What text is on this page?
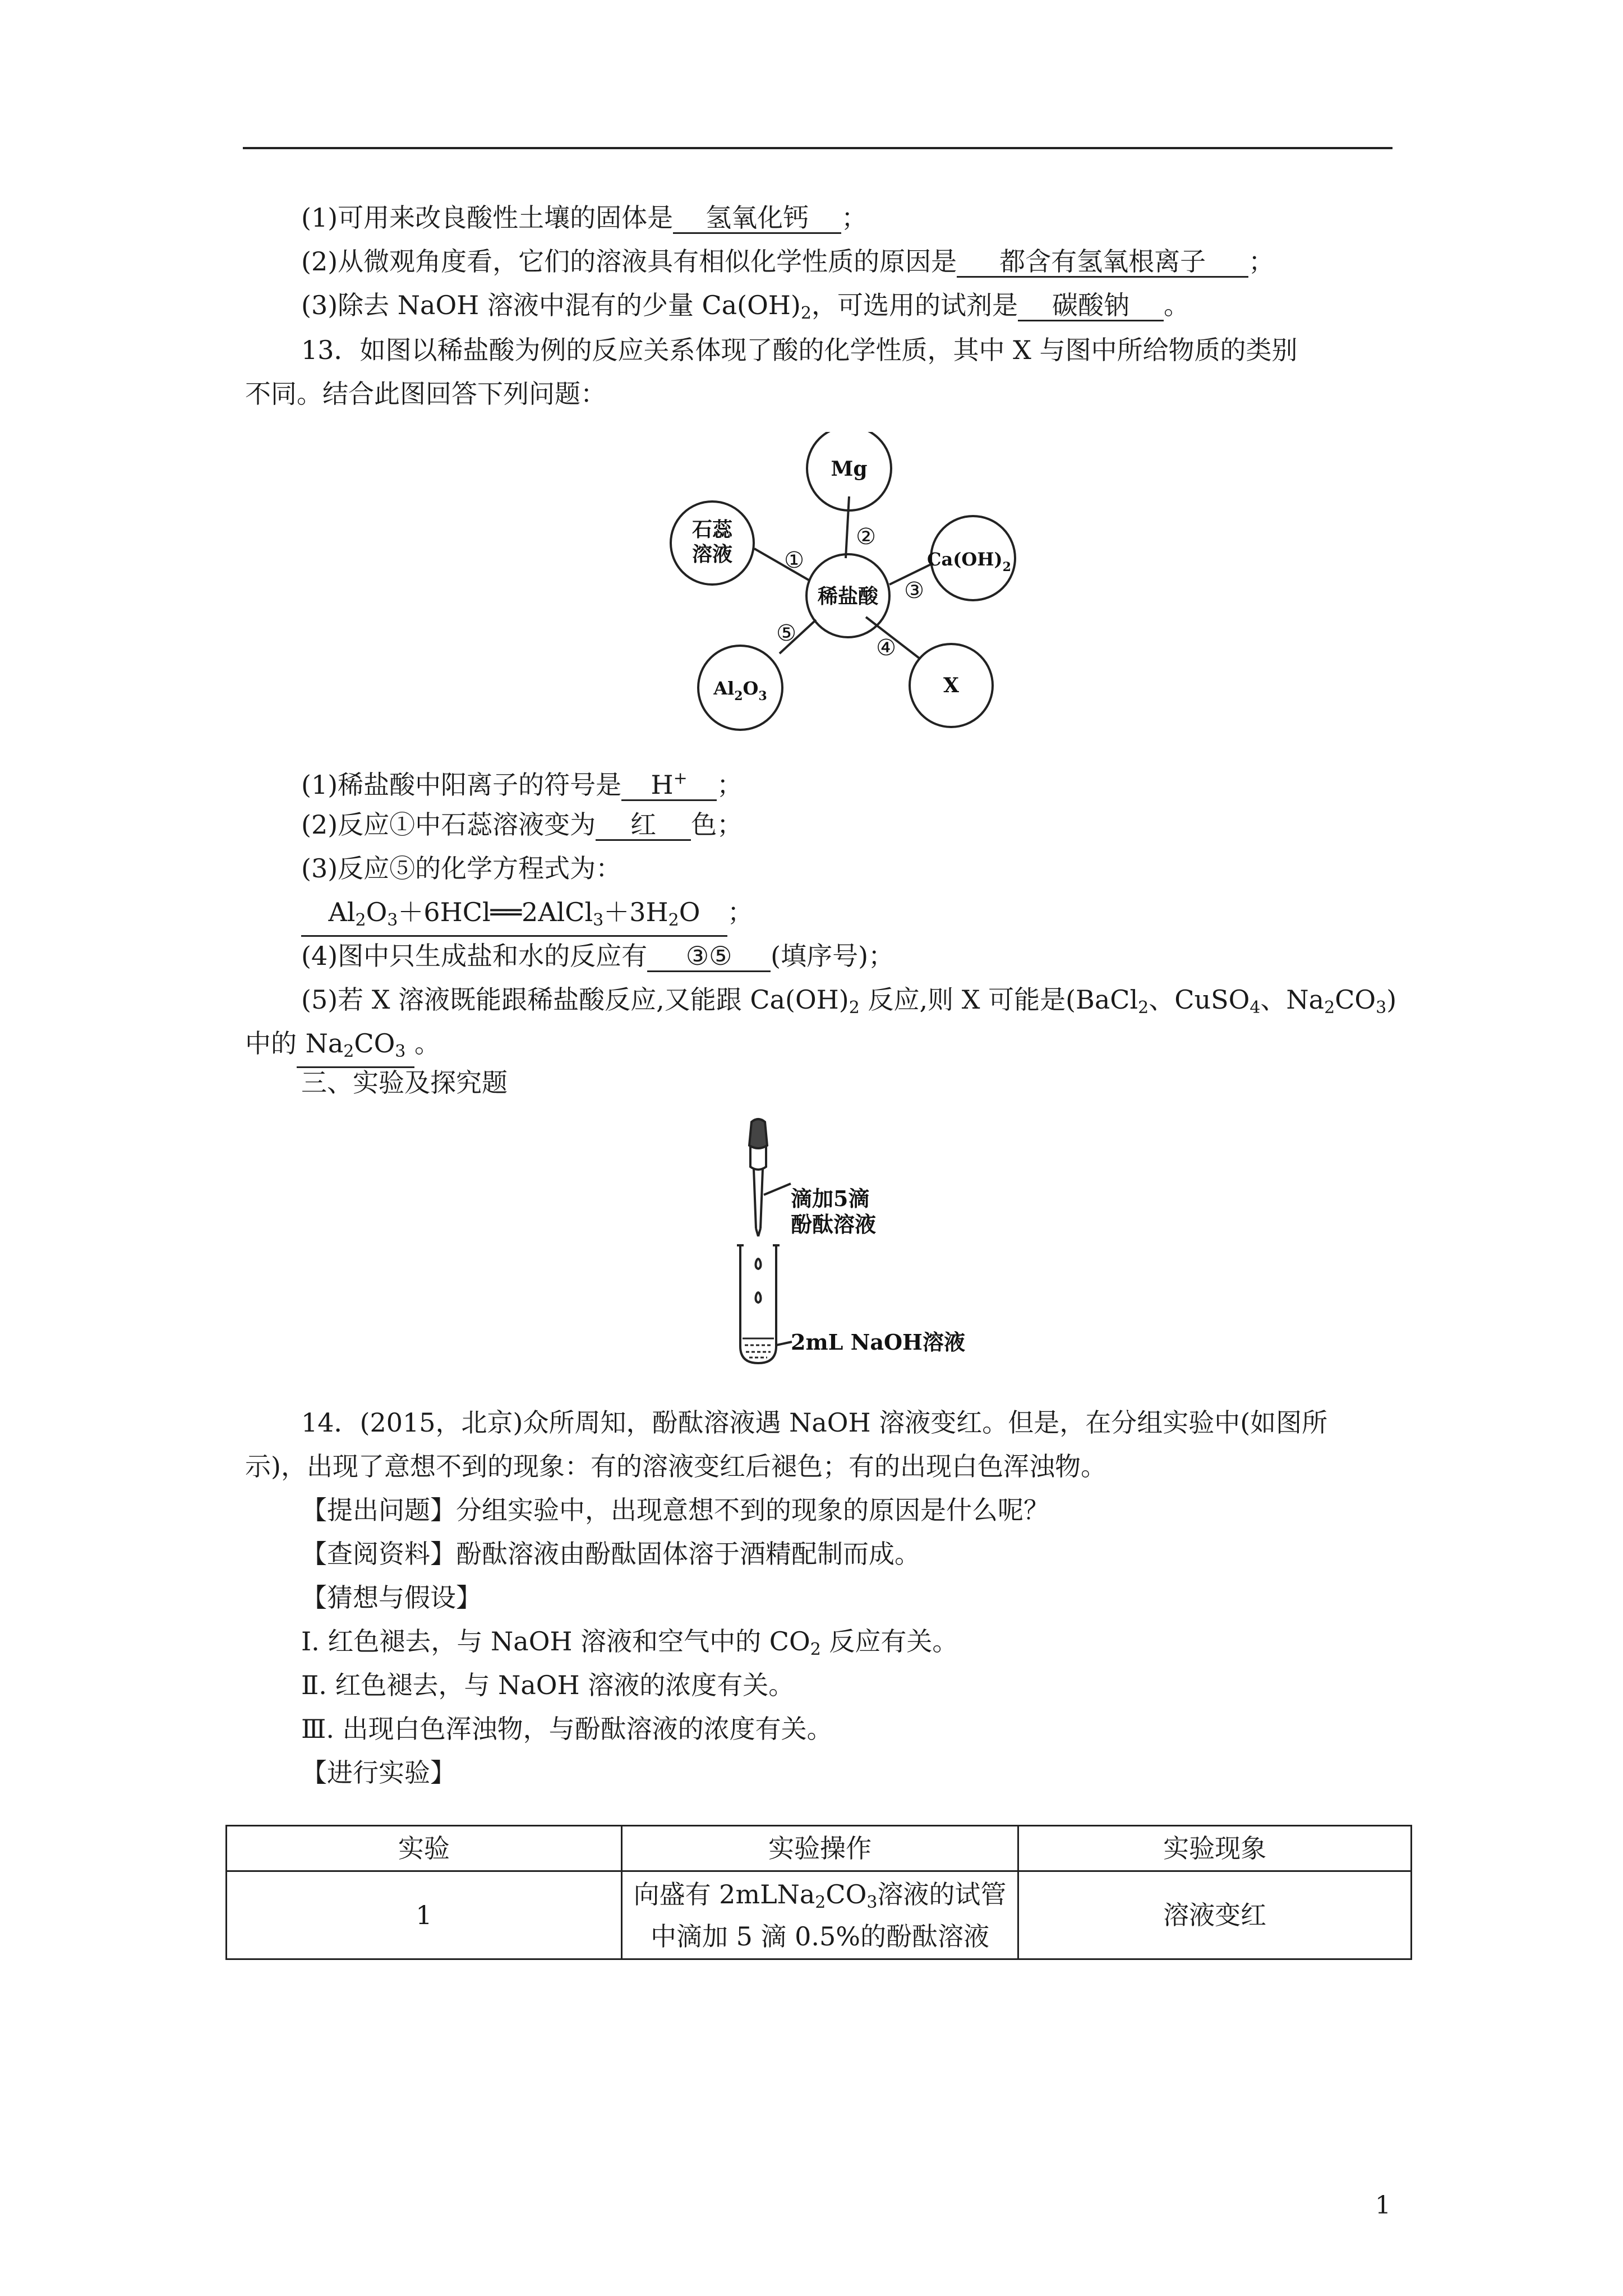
(1)可用来改良酸性土壤的固体是 氢氧化钙 ；
(2)从微观角度看，它们的溶液具有相似化学性质的原因是 都含有氢氧根离子 ；
(3)除去 NaOH 溶液中混有的少量 $Ca(OH)_2$，可选用的试剂是 碳酸钠 。
13．如图以稀盐酸为例的反应关系体现了酸的化学性质，其中 X 与图中所给物质的类别
不同。结合此图回答下列问题：
Mg
石蕊
溶液
稀盐酸
$Ca(OH)_2$
$Al_2O_3$	X
①
②
③
④
⑤
(1)稀盐酸中阳离子的符号是 H+ ；
(2)反应①中石蕊溶液变为 红 色；
(3)反应⑤的化学方程式为：
$Al_2O_3+6HCl══2AlCl_3+3H_2O$ ；
(4)图中只生成盐和水的反应有 ③⑤ (填序号)；
(5)若 X 溶液既能跟稀盐酸反应,又能跟 $Ca(OH)_2$ 反应,则 X 可能是(BaCl$_2$、CuSO$_4$、$Na_2CO_3$)
中的 $Na_2CO_3$ 。
三、实验及探究题
滴加5滴
酚酞溶液
2mL NaOH溶液
14．(2015，北京)众所周知，酚酞溶液遇 NaOH 溶液变红。但是，在分组实验中(如图所
示)，出现了意想不到的现象：有的溶液变红后褪色；有的出现白色浑浊物。
【提出问题】分组实验中，出现意想不到的现象的原因是什么呢？
【查阅资料】酚酞溶液由酚酞固体溶于酒精配制而成。
【猜想与假设】
Ⅰ. 红色褪去，与 NaOH 溶液和空气中的 $CO_2$ 反应有关。
Ⅱ. 红色褪去，与 NaOH 溶液的浓度有关。
Ⅲ. 出现白色浑浊物，与酚酞溶液的浓度有关。
【进行实验】
实验	实验操作	实验现象
1	向盛有 $2mLNa_2CO_3$溶液的试管
中滴加 5 滴 0.5%的酚酞溶液	溶液变红
1
